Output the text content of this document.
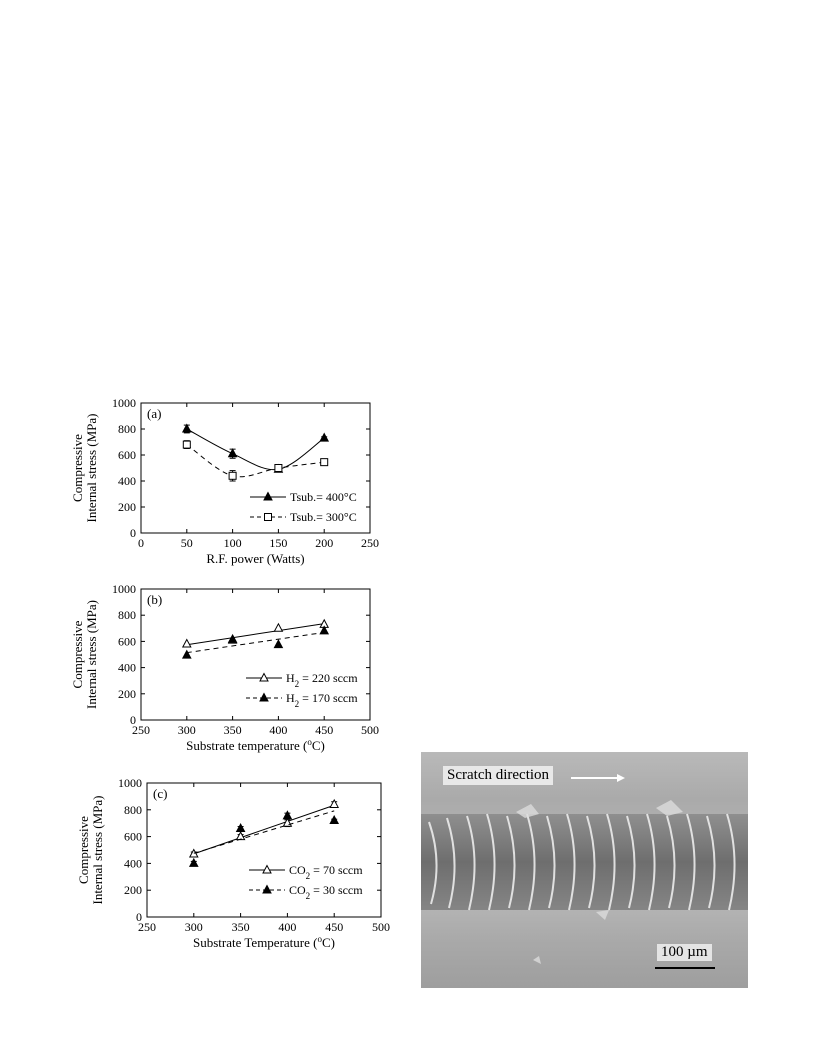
0	50	100 150 200 250
0
200
400
600
800
1000
R.F. power (Watts)
CompressiveInternal stress (MPa)	(a)
Tsub.= 400°C
Tsub.= 300°C
250 300 350 400 450 500
0
200
400
600
800
1000
Substrate temperature ($^o$C)
CompressiveInternal stress (MPa)
(b)
$H_2 = 220$ sccm
$H_2 = 170$ sccm
250 300 350 400 450 500
0
200
400
600
800
1000
Substrate Temperature ($^o$C)
CompressiveInternal stress (MPa)
(c)
$CO_2 = 70$ sccm
$CO_2 = 30$ sccm
Scratch direction
100 µm
